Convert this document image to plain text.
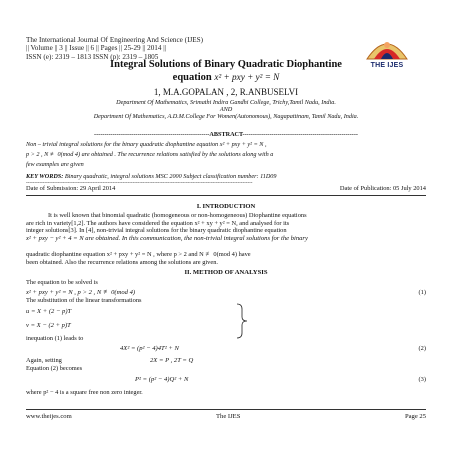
The International Journal Of Engineering And Science (IJES)
|| Volume || 3 || Issue || 6 || Pages || 25-29 || 2014 ||
ISSN (e): 2319 – 1813 ISSN (p): 2319 – 1805
THE IJES
Integral Solutions of Binary Quadratic Diophantine
equation x² + pxy + y² = N
1, M.A.GOPALAN , 2, R.ANBUSELVI
Department Of Mathematics, Srimathi Indira Gandhi College, Trichy,Tamil Nadu, India.
AND
Department Of Mathematics, A.D.M.College For Women(Autonomous), Nagapattinam, Tamil Nadu, India.
--------------------------------------------------------ABSTRACT--------------------------------------------------------
Non – trivial integral solutions for the binary quadratic diophantine equation x² + pxy + y² = N ,
p > 2 , N ≢ 0(mod 4) are obtained . The recurrence relations satisfied by the solutions along with a
few examples are given
KEY WORDS: Binary quadratic, integral solutions MSC 2000 Subject classification number: 11D09
----------------------------------------------------------------------------------------------------------------------------------------
Date of Submission: 29 April 2014	Date of Publication: 05 July 2014
I. INTRODUCTION
It is well known that binomial quadratic (homogeneous or non-homogeneous) Diophantine equations
are rich in variety[1,2]. The authors have considered the equation x² + xy + y² = N, and analysed for its
integer solutions[3]. In [4], non-trivial integral solutions for the binary quadratic diophantine equation
x² + pxy − y² + 4 = N are obtained. In this communication, the non-trivial integral solutions for the binary
quadratic diophantine equation x² + pxy + y² = N , where p > 2 and N ≢ 0(mod 4) have
been obtained. Also the recurrence relations among the solutions are given.
II. METHOD OF ANALYSIS
The equation to be solved is
x² + pxy + y² = N , p > 2 , N ≢ 0(mod 4)	(1)
The substitution of the linear transformations
u = X + (2 − p)T
v = X − (2 + p)T
inequation (1) leads to
4X² = (p² − 4)4T² + N	(2)
Again, setting	2X = P , 2T = Q
Equation (2) becomes
P² = (p² − 4)Q² + N	(3)
where p² − 4 is a square free non zero integer.
www.theijes.com	The IJES	Page 25
